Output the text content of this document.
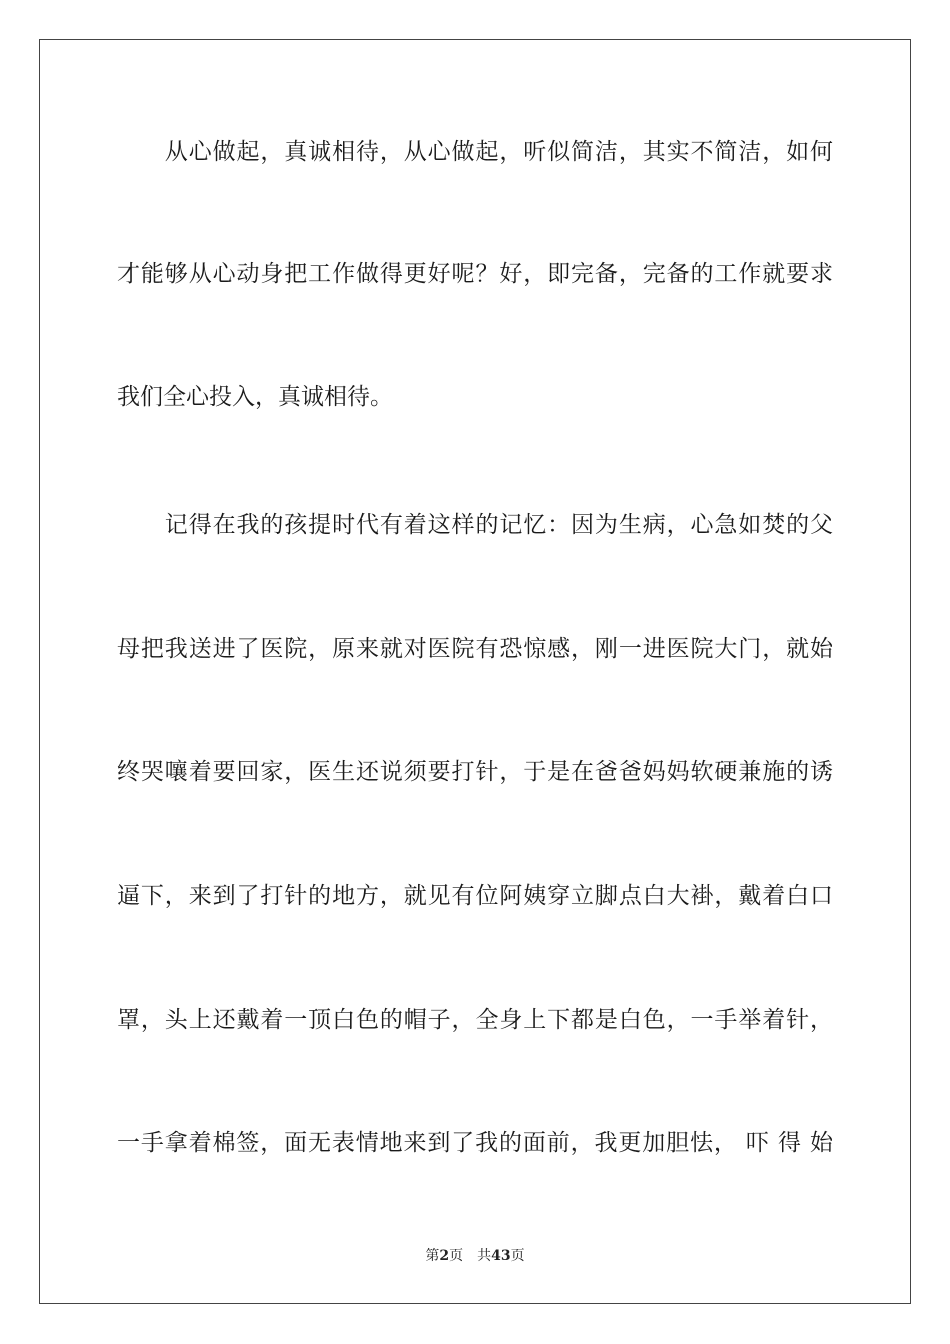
　　从心做起，真诚相待，从心做起，听似简洁，其实不简洁，如何
才能够从心动身把工作做得更好呢？好，即完备，完备的工作就要求
我们全心投入，真诚相待。
　　记得在我的孩提时代有着这样的记忆：因为生病，心急如焚的父
母把我送进了医院，原来就对医院有恐惊感，刚一进医院大门，就始
终哭嚷着要回家，医生还说须要打针，于是在爸爸妈妈软硬兼施的诱
逼下，来到了打针的地方，就见有位阿姨穿立脚点白大褂，戴着白口
罩，头上还戴着一顶白色的帽子，全身上下都是白色，一手举着针，
一手拿着棉签，面无表情地来到了我的面前，我更加胆怯， 吓 得 始
第2页 共43页
